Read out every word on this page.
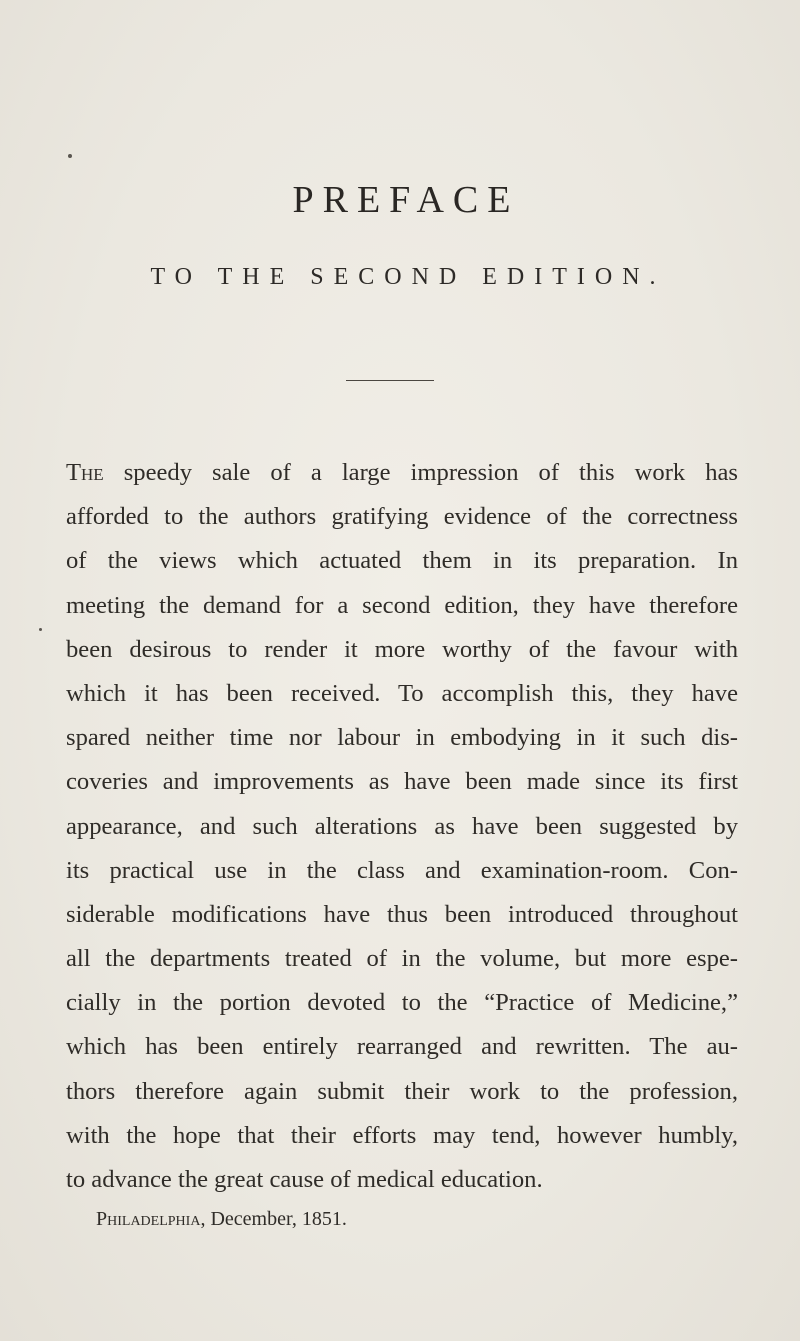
PREFACE
TO THE SECOND EDITION.
The speedy sale of a large impression of this work has
afforded to the authors gratifying evidence of the correctness
of the views which actuated them in its preparation. In
meeting the demand for a second edition, they have therefore
been desirous to render it more worthy of the favour with
which it has been received. To accomplish this, they have
spared neither time nor labour in embodying in it such dis-
coveries and improvements as have been made since its first
appearance, and such alterations as have been suggested by
its practical use in the class and examination-room. Con-
siderable modifications have thus been introduced throughout
all the departments treated of in the volume, but more espe-
cially in the portion devoted to the “Practice of Medicine,”
which has been entirely rearranged and rewritten. The au-
thors therefore again submit their work to the profession,
with the hope that their efforts may tend, however humbly,
to advance the great cause of medical education.
Philadelphia, December, 1851.
